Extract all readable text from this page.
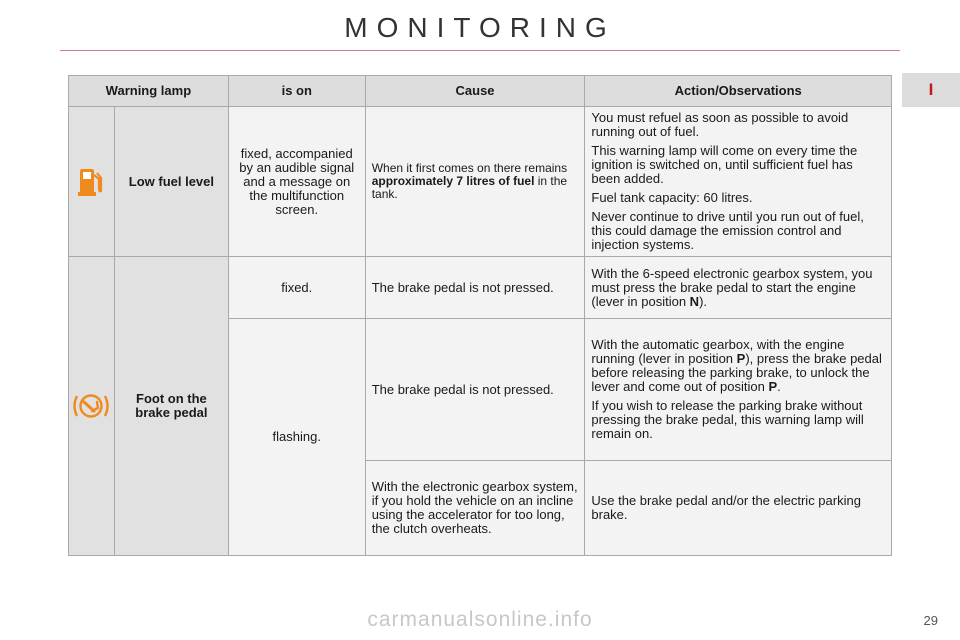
MONITORING
I
Warning lamp		is on	Cause	Action/Observations

	Low fuel level	fixed, accompanied by an audible signal and a message on the multifunction screen.	When it first comes on there remains approximately 7 litres of fuel in the tank.	You must refuel as soon as possible to avoid running out of fuel.

This warning lamp will come on every time the ignition is switched on, until sufficient fuel has been added.

Fuel tank capacity: 60 litres.

Never continue to drive until you run out of fuel, this could damage the emission control and injection systems.

	Foot on the brake pedal	fixed.	The brake pedal is not pressed.	With the 6-speed electronic gearbox system, you must press the brake pedal to start the engine (lever in position N).
		flashing.	The brake pedal is not pressed.	With the automatic gearbox, with the engine running (lever in position P), press the brake pedal before releasing the parking brake, to unlock the lever and come out of position P.

If you wish to release the parking brake without pressing the brake pedal, this warning lamp will remain on.

			With the electronic gearbox system, if you hold the vehicle on an incline using the accelerator for too long, the clutch overheats.	Use the brake pedal and/or the electric parking brake.
carmanualsonline.info	29
